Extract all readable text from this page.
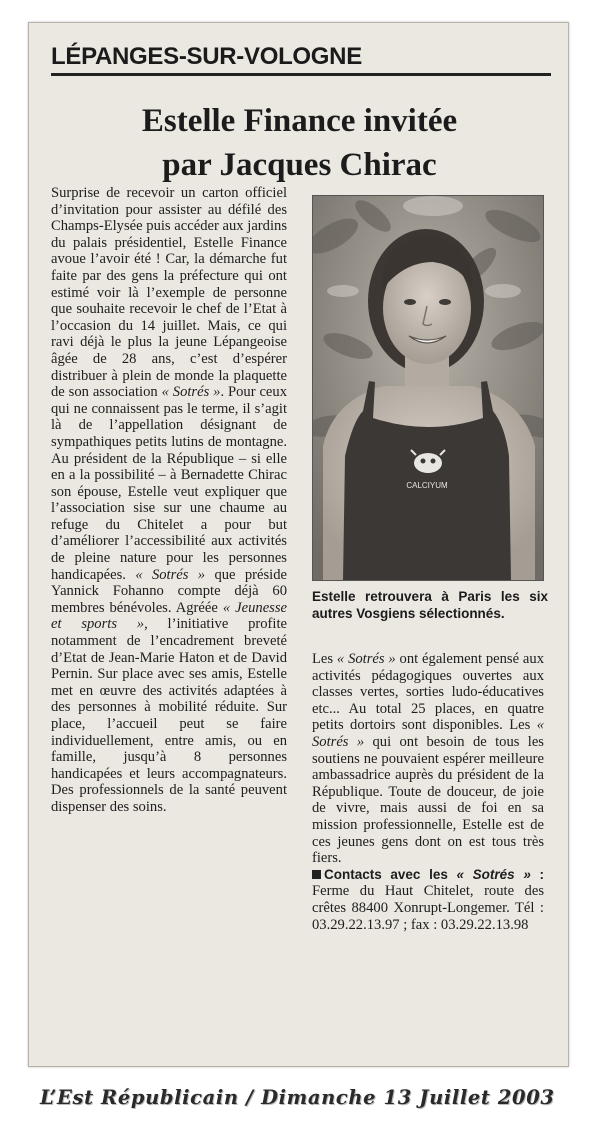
LÉPANGES-SUR-VOLOGNE
Estelle Finance invitée
par Jacques Chirac

Surprise de recevoir un carton officiel d’invitation pour assister au défilé des Champs-Elysée puis accéder aux jardins du palais présidentiel, Estelle Finance avoue l’avoir été ! Car, la démarche fut faite par des gens la préfecture qui ont estimé voir là l’exemple de personne que souhaite recevoir le chef de l’Etat à l’occasion du 14 juillet. Mais, ce qui ravi déjà le plus la jeune Lépangeoise âgée de 28 ans, c’est d’espérer distribuer à plein de monde la plaquette de son association « Sotrés ». Pour ceux qui ne connaissent pas le terme, il s’agit là de l’appellation désignant de sympathiques petits lutins de montagne. Au président de la République – si elle en a la possibilité – à Bernadette Chirac son épouse, Estelle veut expliquer que l’association sise sur une chaume au refuge du Chitelet a pour but d’améliorer l’accessibilité aux activités de pleine nature pour les personnes handicapées. « Sotrés » que préside Yannick Fohanno compte déjà 60 membres bénévoles. Agréée « Jeunesse et sports », l’initiative profite notamment de l’encadrement breveté d’Etat de Jean-Marie Haton et de David Pernin. Sur place avec ses amis, Estelle met en œuvre des activités adaptées à des personnes à mobilité réduite. Sur place, l’accueil peut se faire individuellement, entre amis, ou en famille, jusqu’à 8 personnes handicapées et leurs accompagnateurs. Des professionnels de la santé peuvent dispenser des soins.

CALCIYUM
Estelle retrouvera à Paris les six autres Vosgiens sélectionnés.

Les « Sotrés » ont également pensé aux activités pédagogiques ouvertes aux classes vertes, sorties ludo-éducatives etc... Au total 25 places, en quatre petits dortoirs sont disponibles. Les « Sotrés » qui ont besoin de tous les soutiens ne pouvaient espérer meilleure ambassadrice auprès du président de la République. Toute de douceur, de joie de vivre, mais aussi de foi en sa mission professionnelle, Estelle est de ces jeunes gens dont on est tous très fiers.

Contacts avec les « Sotrés » : Ferme du Haut Chitelet, route des crêtes 88400 Xonrupt-Longemer. Tél : 03.29.22.13.97 ; fax : 03.29.22.13.98

L’Est Républicain / Dimanche 13 Juillet 2003
